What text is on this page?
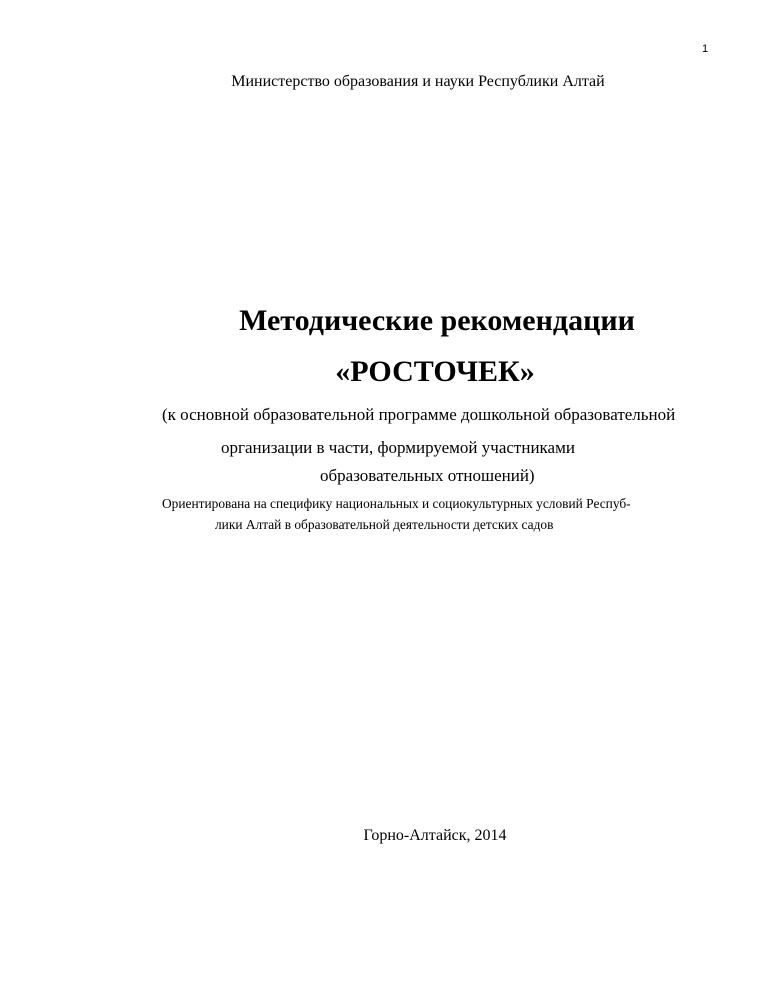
1
Министерство образования и науки Республики Алтай
Методические рекомендации
«РОСТОЧЕК»
(к основной образовательной программе дошкольной образовательной
организации в части, формируемой участниками
образовательных отношений)
Ориентирована на специфику национальных и социокультурных условий Респуб-
лики Алтай в образовательной деятельности детских садов
Горно-Алтайск, 2014
